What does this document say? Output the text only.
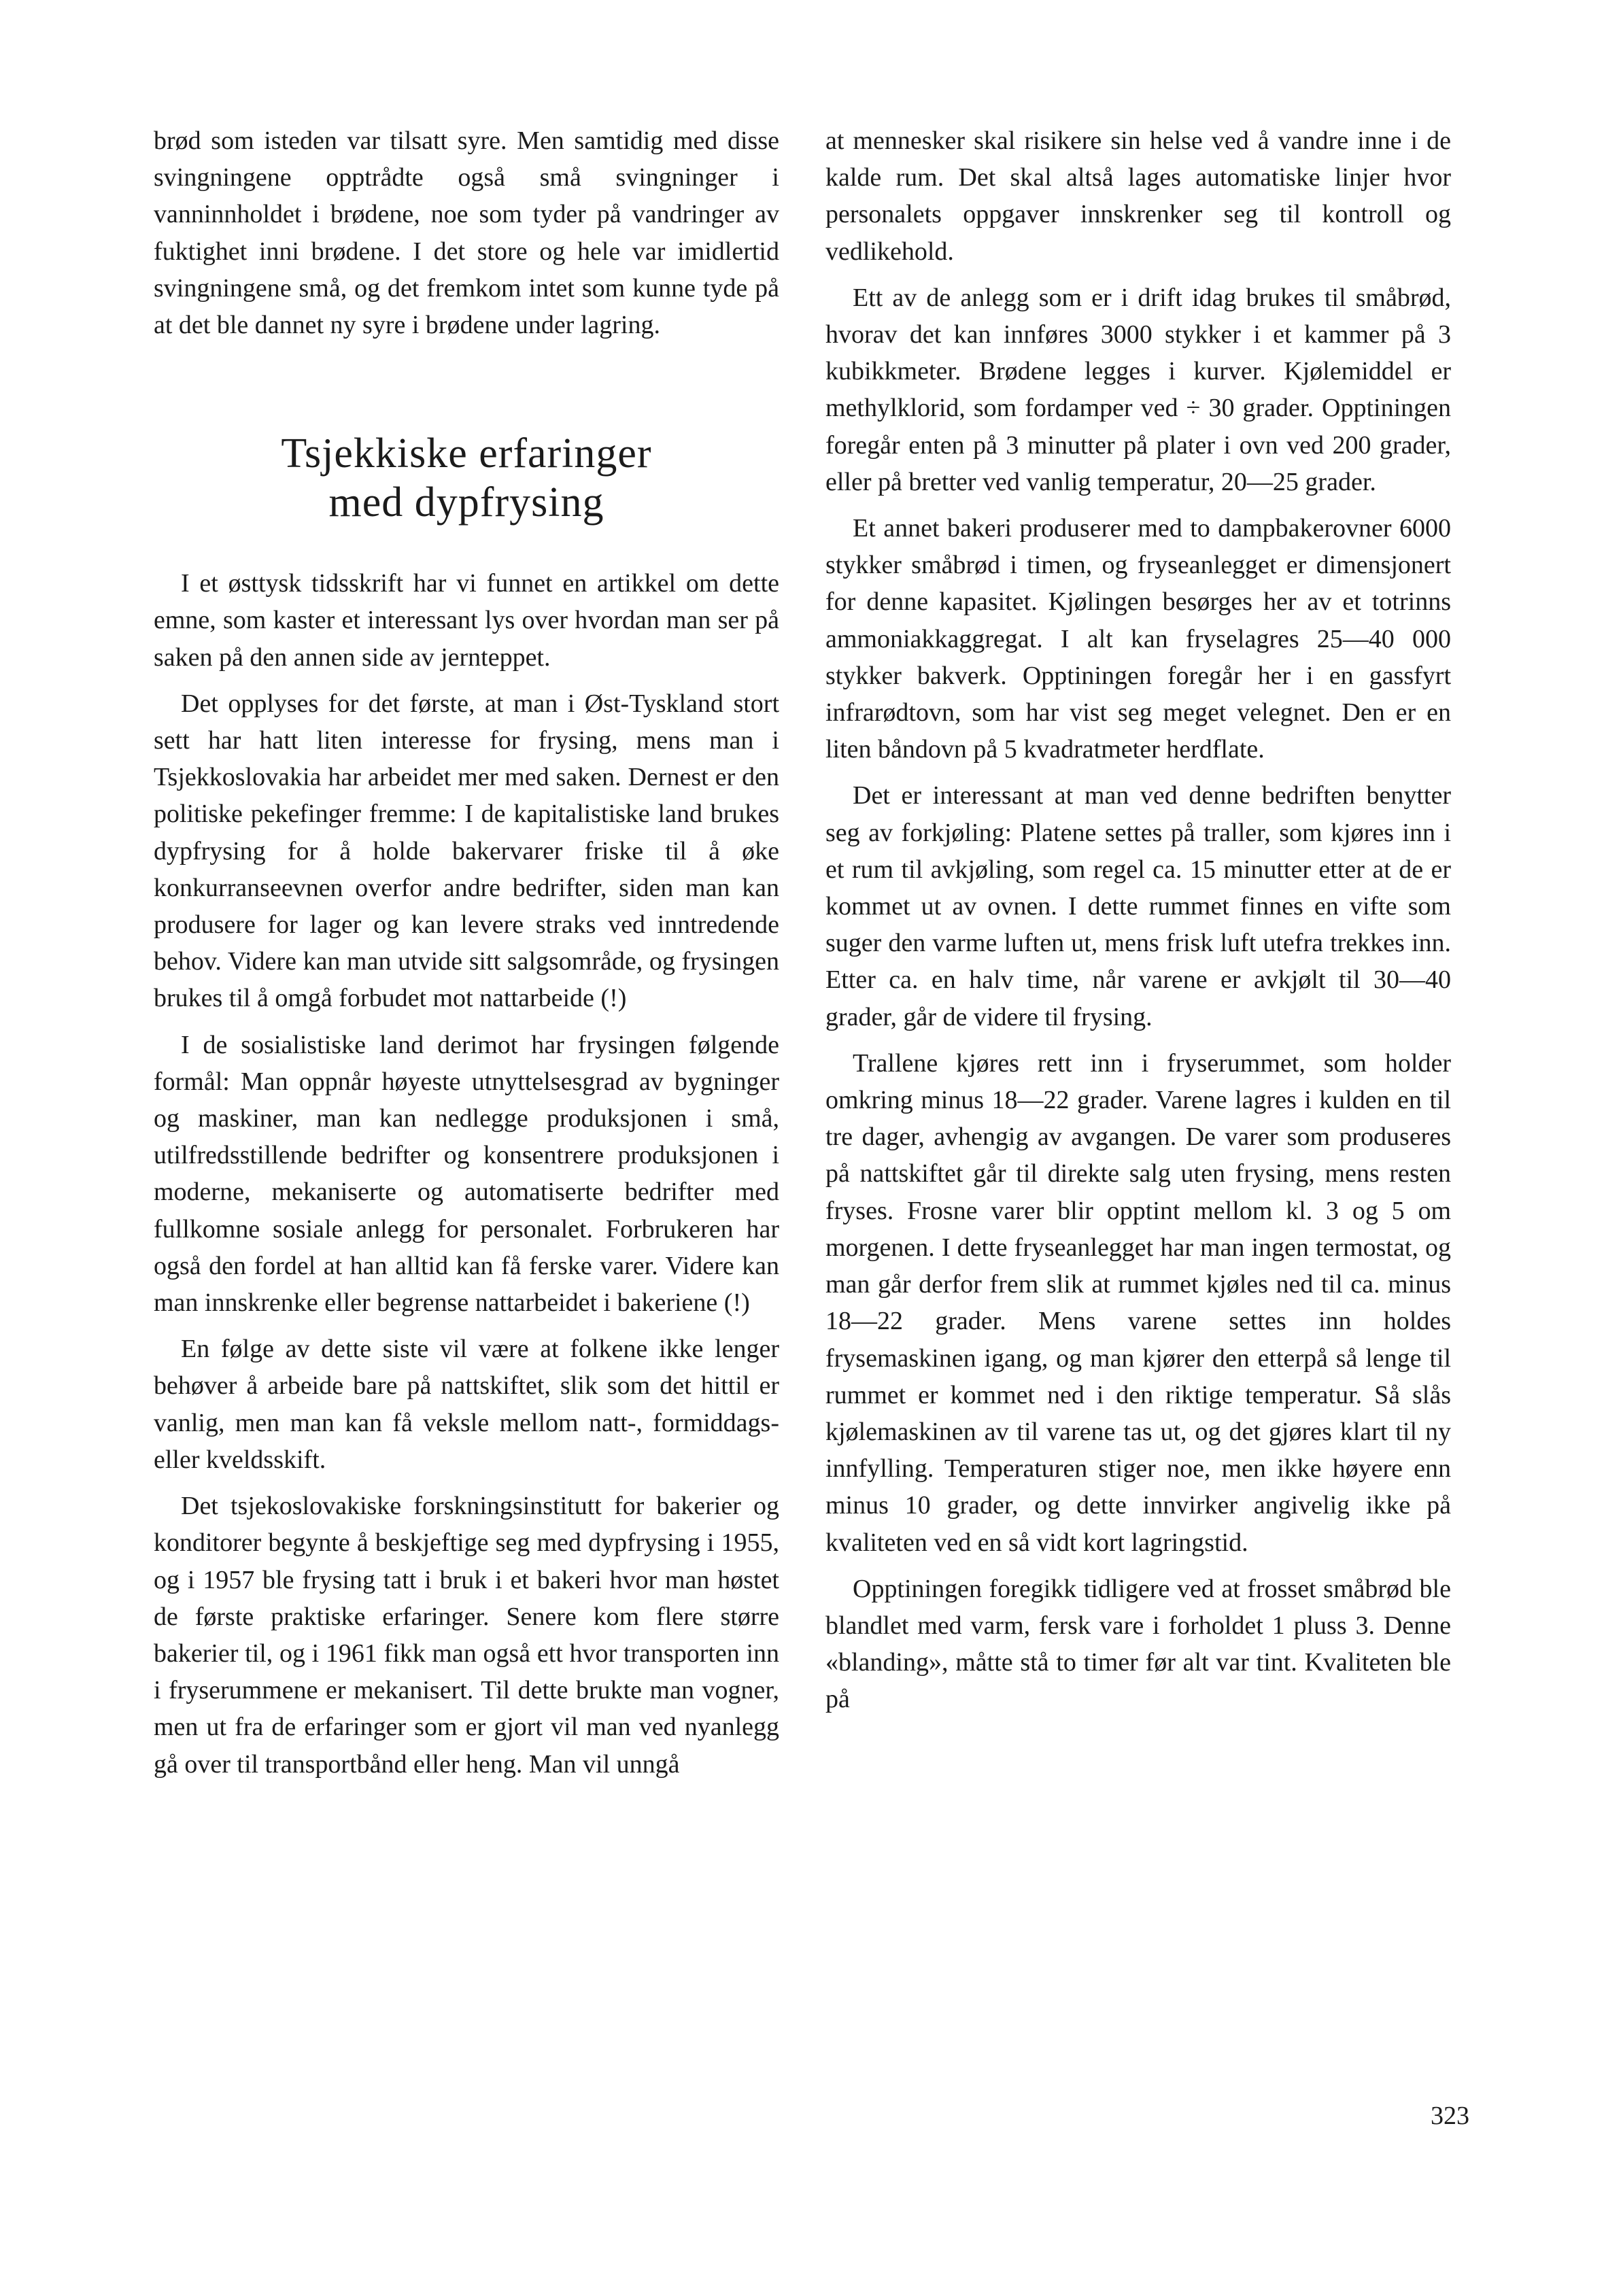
brød som isteden var tilsatt syre. Men samtidig med disse svingningene opptrådte også små svingninger i vanninnholdet i brødene, noe som tyder på vandringer av fuktighet inni brødene. I det store og hele var imidlertid svingningene små, og det fremkom intet som kunne tyde på at det ble dannet ny syre i brødene under lagring.

Tsjekkiske erfaringer
med dypfrysing

I et østtysk tidsskrift har vi funnet en artikkel om dette emne, som kaster et interessant lys over hvordan man ser på saken på den annen side av jernteppet.

Det opplyses for det første, at man i Øst-Tyskland stort sett har hatt liten interesse for frysing, mens man i Tsjekkoslovakia har arbeidet mer med saken. Dernest er den politiske pekefinger fremme: I de kapitalistiske land brukes dypfrysing for å holde bakervarer friske til å øke konkurranseevnen overfor andre bedrifter, siden man kan produsere for lager og kan levere straks ved inntredende behov. Videre kan man utvide sitt salgsområde, og frysingen brukes til å omgå forbudet mot nattarbeide (!)

I de sosialistiske land derimot har frysingen følgende formål: Man oppnår høyeste utnyttelsesgrad av bygninger og maskiner, man kan nedlegge produksjonen i små, utilfredsstillende bedrifter og konsentrere produksjonen i moderne, mekaniserte og automatiserte bedrifter med fullkomne sosiale anlegg for personalet. Forbrukeren har også den fordel at han alltid kan få ferske varer. Videre kan man innskrenke eller begrense nattarbeidet i bakeriene (!)

En følge av dette siste vil være at folkene ikke lenger behøver å arbeide bare på nattskiftet, slik som det hittil er vanlig, men man kan få veksle mellom natt-, formiddags- eller kveldsskift.

Det tsjekoslovakiske forskningsinstitutt for bakerier og konditorer begynte å beskjeftige seg med dypfrysing i 1955, og i 1957 ble frysing tatt i bruk i et bakeri hvor man høstet de første praktiske erfaringer. Senere kom flere større bakerier til, og i 1961 fikk man også ett hvor transporten inn i fryserummene er mekanisert. Til dette brukte man vogner, men ut fra de erfaringer som er gjort vil man ved nyanlegg gå over til transportbånd eller heng. Man vil unngå

at mennesker skal risikere sin helse ved å vandre inne i de kalde rum. Det skal altså lages automatiske linjer hvor personalets oppgaver innskrenker seg til kontroll og vedlikehold.

Ett av de anlegg som er i drift idag brukes til småbrød, hvorav det kan innføres 3000 stykker i et kammer på 3 kubikkmeter. Brødene legges i kurver. Kjølemiddel er methylklorid, som fordamper ved ÷ 30 grader. Opptiningen foregår enten på 3 minutter på plater i ovn ved 200 grader, eller på bretter ved vanlig temperatur, 20—25 grader.

Et annet bakeri produserer med to dampbakerovner 6000 stykker småbrød i timen, og fryseanlegget er dimensjonert for denne kapasitet. Kjølingen besørges her av et totrinns ammoniakkaggregat. I alt kan fryselagres 25—40 000 stykker bakverk. Opptiningen foregår her i en gassfyrt infrarødtovn, som har vist seg meget velegnet. Den er en liten båndovn på 5 kvadratmeter herdflate.

Det er interessant at man ved denne bedriften benytter seg av forkjøling: Platene settes på traller, som kjøres inn i et rum til avkjøling, som regel ca. 15 minutter etter at de er kommet ut av ovnen. I dette rummet finnes en vifte som suger den varme luften ut, mens frisk luft utefra trekkes inn. Etter ca. en halv time, når varene er avkjølt til 30—40 grader, går de videre til frysing.

Trallene kjøres rett inn i fryserummet, som holder omkring minus 18—22 grader. Varene lagres i kulden en til tre dager, avhengig av avgangen. De varer som produseres på nattskiftet går til direkte salg uten frysing, mens resten fryses. Frosne varer blir opptint mellom kl. 3 og 5 om morgenen. I dette fryseanlegget har man ingen termostat, og man går derfor frem slik at rummet kjøles ned til ca. minus 18—22 grader. Mens varene settes inn holdes frysemaskinen igang, og man kjører den etterpå så lenge til rummet er kommet ned i den riktige temperatur. Så slås kjølemaskinen av til varene tas ut, og det gjøres klart til ny innfylling. Temperaturen stiger noe, men ikke høyere enn minus 10 grader, og dette innvirker angivelig ikke på kvaliteten ved en så vidt kort lagringstid.

Opptiningen foregikk tidligere ved at frosset småbrød ble blandlet med varm, fersk vare i forholdet 1 pluss 3. Denne «blanding», måtte stå to timer før alt var tint. Kvaliteten ble på

323
